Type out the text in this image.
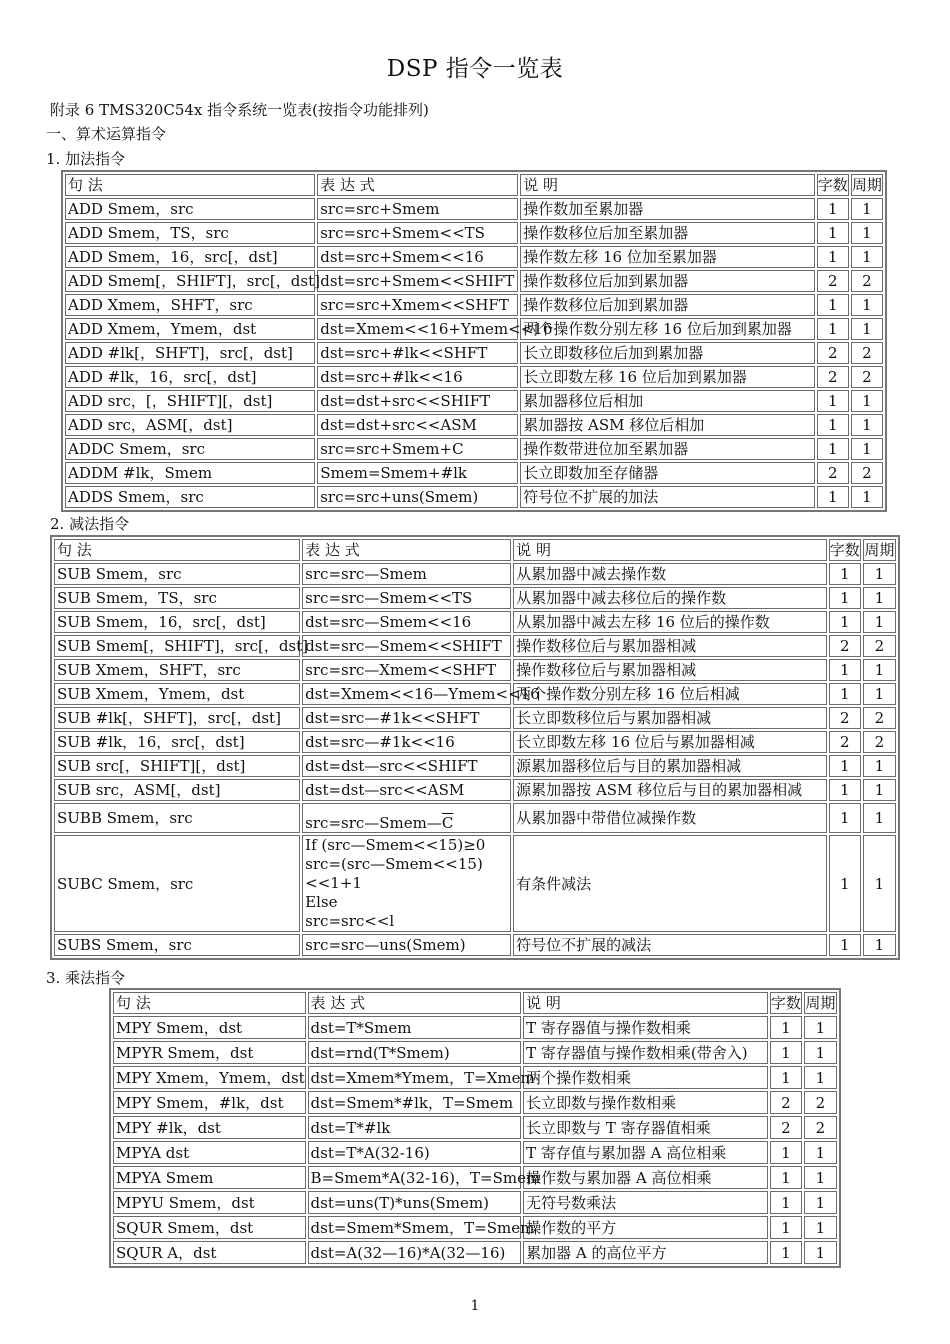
DSP 指令一览表
附录 6 TMS320C54x 指令系统一览表(按指令功能排列)
一、算术运算指令
1. 加法指令
句 法	表 达 式	说 明	字数	周期
ADD Smem，src	src=src+Smem	操作数加至累加器	1	1
ADD Smem，TS，src	src=src+Smem<<TS	操作数移位后加至累加器	1	1
ADD Smem，16，src[，dst]	dst=src+Smem<<16	操作数左移 16 位加至累加器	1	1
ADD Smem[，SHIFT]，src[，dst]	dst=src+Smem<<SHIFT	操作数移位后加到累加器	2	2
ADD Xmem，SHFT，src	src=src+Xmem<<SHFT	操作数移位后加到累加器	1	1
ADD Xmem，Ymem，dst	dst=Xmem<<16+Ymem<<16	两个操作数分别左移 16 位后加到累加器	1	1
ADD #lk[，SHFT]，src[，dst]	dst=src+#lk<<SHFT	长立即数移位后加到累加器	2	2
ADD #lk，16，src[，dst]	dst=src+#lk<<16	长立即数左移 16 位后加到累加器	2	2
ADD src，[，SHIFT][，dst]	dst=dst+src<<SHIFT	累加器移位后相加	1	1
ADD src，ASM[，dst]	dst=dst+src<<ASM	累加器按 ASM 移位后相加	1	1
ADDC Smem，src	src=src+Smem+C	操作数带进位加至累加器	1	1
ADDM #lk，Smem	Smem=Smem+#lk	长立即数加至存储器	2	2
ADDS Smem，src	src=src+uns(Smem)	符号位不扩展的加法	1	1
2. 减法指令
句 法	表 达 式	说 明	字数	周期
SUB Smem，src	src=src—Smem	从累加器中减去操作数	1	1
SUB Smem，TS，src	src=src—Smem<<TS	从累加器中减去移位后的操作数	1	1
SUB Smem，16，src[，dst]	dst=src—Smem<<16	从累加器中减去左移 16 位后的操作数	1	1
SUB Smem[，SHIFT]，src[，dst]	dst=src—Smem<<SHIFT	操作数移位后与累加器相减	2	2
SUB Xmem，SHFT，src	src=src—Xmem<<SHFT	操作数移位后与累加器相减	1	1
SUB Xmem，Ymem，dst	dst=Xmem<<16—Ymem<<16	两个操作数分别左移 16 位后相减	1	1
SUB #lk[，SHFT]，src[，dst]	dst=src—#1k<<SHFT	长立即数移位后与累加器相减	2	2
SUB #lk，16，src[，dst]	dst=src—#1k<<16	长立即数左移 16 位后与累加器相减	2	2
SUB src[，SHIFT][，dst]	dst=dst—src<<SHIFT	源累加器移位后与目的累加器相减	1	1
SUB src，ASM[，dst]	dst=dst—src<<ASM	源累加器按 ASM 移位后与目的累加器相减	1	1
SUBB Smem，src	$src=src—Smem—\overline{C}$	从累加器中带借位减操作数	1	1
SUBC Smem，src	If (src—Smem<<15)≥0
src=(src—Smem<<15)<<1+1
Else
src=src<<l	有条件减法	1	1
SUBS Smem，src	src=src—uns(Smem)	符号位不扩展的减法	1	1
3. 乘法指令
句 法	表 达 式	说 明	字数	周期
MPY Smem，dst	dst=T*Smem	T 寄存器值与操作数相乘	1	1
MPYR Smem，dst	dst=rnd(T*Smem)	T 寄存器值与操作数相乘(带舍入)	1	1
MPY Xmem，Ymem，dst	dst=Xmem*Ymem，T=Xmem	两个操作数相乘	1	1
MPY Smem，#lk，dst	dst=Smem*#lk，T=Smem	长立即数与操作数相乘	2	2
MPY #lk，dst	dst=T*#lk	长立即数与 T 寄存器值相乘	2	2
MPYA dst	dst=T*A(32-16)	T 寄存值与累加器 A 高位相乘	1	1
MPYA Smem	B=Smem*A(32-16)，T=Smem	操作数与累加器 A 高位相乘	1	1
MPYU Smem，dst	dst=uns(T)*uns(Smem)	无符号数乘法	1	1
SQUR Smem，dst	dst=Smem*Smem，T=Smem	操作数的平方	1	1
SQUR A，dst	dst=A(32—16)*A(32—16)	累加器 A 的高位平方	1	1
1
